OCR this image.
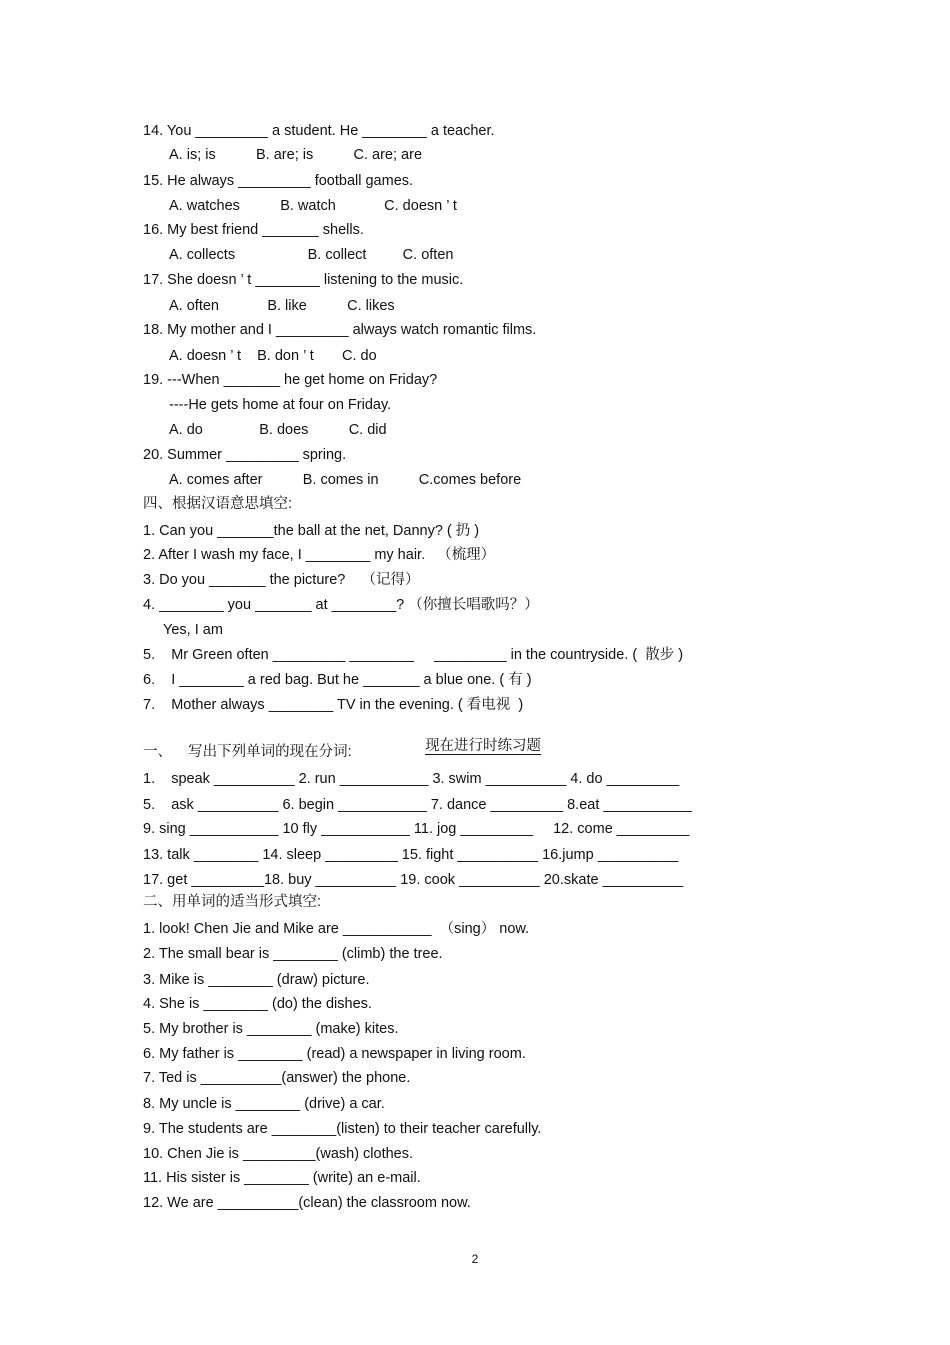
14. You _________ a student. He ________ a teacher.
A. is; is          B. are; is          C. are; are
15. He always _________ football games.
A. watches          B. watch            C. doesn ’ t
16. My best friend _______ shells.
A. collects                  B. collect         C. often
17. She doesn ’ t ________ listening to the music.
A. often            B. like          C. likes
18. My mother and I _________ always watch romantic films.
A. doesn ’ t    B. don ’ t       C. do
19. ---When _______ he get home on Friday?
----He gets home at four on Friday.
A. do              B. does          C. did
20. Summer _________ spring.
A. comes after          B. comes in          C.comes before
四、根据汉语意思填空:
1. Can you _______the ball at the net, Danny? ( 扔 )
2. After I wash my face, I ________ my hair.   （梳理）
3. Do you _______ the picture?    （记得）
4. ________ you _______ at ________? （你擅长唱歌吗？）
Yes, I am
5.    Mr Green often _________ ________     _________ in the countryside. (  散步 )
6.    I ________ a red bag. But he _______ a blue one. ( 有 )
7.    Mother always ________ TV in the evening. ( 看电视  )

现在进行时练习题

一、    写出下列单词的现在分词:
1.    speak __________ 2. run ___________ 3. swim __________ 4. do _________
5.    ask __________ 6. begin ___________ 7. dance _________ 8.eat ___________
9. sing ___________ 10 fly ___________ 11. jog _________     12. come _________
13. talk ________ 14. sleep _________ 15. fight __________ 16.jump __________
17. get _________18. buy __________ 19. cook __________ 20.skate __________
二、用单词的适当形式填空:
1. look! Chen Jie and Mike are ___________  （sing） now.
2. The small bear is ________ (climb) the tree.
3. Mike is ________ (draw) picture.
4. She is ________ (do) the dishes.
5. My brother is ________ (make) kites.
6. My father is ________ (read) a newspaper in living room.
7. Ted is __________(answer) the phone.
8. My uncle is ________ (drive) a car.
9. The students are ________(listen) to their teacher carefully.
10. Chen Jie is _________(wash) clothes.
11. His sister is ________ (write) an e-mail.
12. We are __________(clean) the classroom now.
2
